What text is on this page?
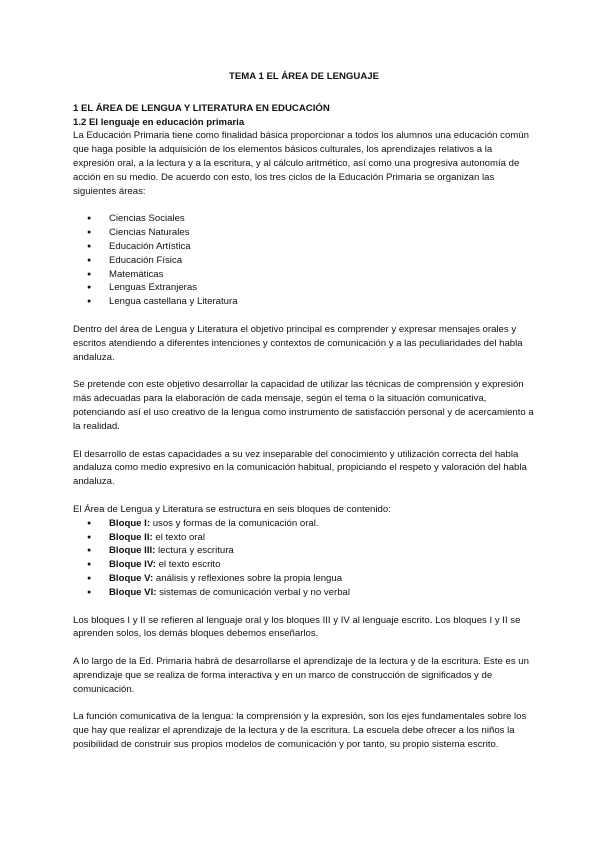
TEMA 1 EL ÁREA DE LENGUAJE
1 EL ÁREA DE LENGUA Y LITERATURA EN EDUCACIÓN
1.2 El lenguaje en educación primaria

La Educación Primaria tiene como finalidad básica proporcionar a todos los alumnos una educación común que haga posible la adquisición de los elementos básicos culturales, los aprendizajes relativos a la expresión oral, a la lectura y a la escritura, y al cálculo aritmético, así como una progresiva autonomía de acción en su medio. De acuerdo con esto, los tres ciclos de la Educación Primaria se organizan las siguientes áreas:

● Ciencias Sociales
● Ciencias Naturales
● Educación Artística
● Educación Física
● Matemáticas
● Lenguas Extranjeras
● Lengua castellana y Literatura

Dentro del área de Lengua y Literatura el objetivo principal es comprender y expresar mensajes orales y escritos atendiendo a diferentes intenciones y contextos de comunicación y a las peculiaridades del habla andaluza.

Se pretende con este objetivo desarrollar la capacidad de utilizar las técnicas de comprensión y expresión más adecuadas para la elaboración de cada mensaje, según el tema o la situación comunicativa, potenciando así el uso creativo de la lengua como instrumento de satisfacción personal y de acercamiento a la realidad.

El desarrollo de estas capacidades a su vez inseparable del conocimiento y utilización correcta del habla andaluza como medio expresivo en la comunicación habitual, propiciando el respeto y valoración del habla andaluza.

El Área de Lengua y Literatura se estructura en seis bloques de contenido:

● Bloque I: usos y formas de la comunicación oral.
● Bloque II: el texto oral
● Bloque III: lectura y escritura
● Bloque IV: el texto escrito
● Bloque V: análisis y reflexiones sobre la propia lengua
● Bloque VI: sistemas de comunicación verbal y no verbal

Los bloques I y II se refieren al lenguaje oral y los bloques III y IV al lenguaje escrito. Los bloques I y II se aprenden solos, los demás bloques debemos enseñarlos.

A lo largo de la Ed. Primaria habrá de desarrollarse el aprendizaje de la lectura y de la escritura. Este es un aprendizaje que se realiza de forma interactiva y en un marco de construcción de significados y de comunicación.

La función comunicativa de la lengua: la comprensión y la expresión, son los ejes fundamentales sobre los que hay que realizar el aprendizaje de la lectura y de la escritura. La escuela debe ofrecer a los niños la posibilidad de construir sus propios modelos de comunicación y por tanto, su propio sistema escrito.
